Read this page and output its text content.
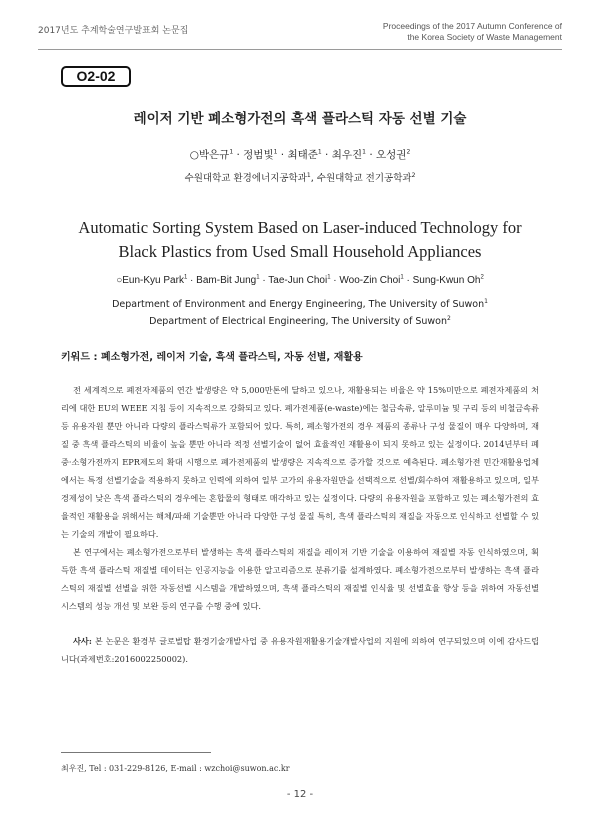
2017년도 추계학술연구발표회 논문집	Proceedings of the 2017 Autumn Conference of
the Korea Society of Waste Management
O2-02
레이저 기반 폐소형가전의 흑색 플라스틱 자동 선별 기술
○박은규$^1$ · 정범빛$^1$ · 최태준$^1$ · 최우진$^1$ · 오성권$^2$
수원대학교 환경에너지공학과$^1$, 수원대학교 전기공학과$^2$
Automatic Sorting System Based on Laser-induced Technology for
Black Plastics from Used Small Household Appliances
○Eun-Kyu Park$^1$ · Bam-Bit Jung$^1$ · Tae-Jun Choi$^1$ · Woo-Zin Choi$^1$ · Sung-Kwun Oh$^2$
Department of Environment and Energy Engineering, The University of Suwon$^1$
Department of Electrical Engineering, The University of Suwon$^2$
키워드 : 폐소형가전, 레이저 기술, 흑색 플라스틱, 자동 선별, 재활용

전 세계적으로 폐전자제품의 연간 발생량은 약 5,000만톤에 달하고 있으나, 재활용되는 비율은 약 15%미만으로 폐전자제품의 처리에 대한 EU의 WEEE 지침 등이 지속적으로 강화되고 있다. 폐가전제품(e-waste)에는 철금속류, 알루미늄 및 구리 등의 비철금속류 등 유용자원 뿐만 아니라 다량의 플라스틱류가 포함되어 있다. 특히, 폐소형가전의 경우 제품의 종류나 구성 물질이 매우 다양하며, 재질 중 흑색 플라스틱의 비율이 높을 뿐만 아니라 적정 선별기술이 없어 효율적인 재활용이 되지 못하고 있는 실정이다. 2014년부터 폐중·소형가전까지 EPR제도의 확대 시행으로 폐가전제품의 발생량은 지속적으로 증가할 것으로 예측된다. 폐소형가전 민간재활용업체에서는 특정 선별기술을 적용하지 못하고 인력에 의하여 일부 고가의 유용자원만을 선택적으로 선별/회수하여 재활용하고 있으며, 일부 경제성이 낮은 흑색 플라스틱의 경우에는 혼합물의 형태로 매각하고 있는 실정이다. 다량의 유용자원을 포함하고 있는 폐소형가전의 효율적인 재활용을 위해서는 해체/파쇄 기술뿐만 아니라 다양한 구성 물질 특히, 흑색 플라스틱의 재질을 자동으로 인식하고 선별할 수 있는 기술의 개발이 필요하다.

본 연구에서는 폐소형가전으로부터 발생하는 흑색 플라스틱의 재질을 레이저 기반 기술을 이용하여 재질별 자동 인식하였으며, 획득한 흑색 플라스틱 재질별 데이터는 인공지능을 이용한 알고리즘으로 분류기를 설계하였다. 폐소형가전으로부터 발생하는 흑색 플라스틱의 재질별 선별을 위한 자동선별 시스템을 개발하였으며, 흑색 플라스틱의 재질별 인식율 및 선별효율 향상 등을 위하여 자동선별 시스템의 성능 개선 및 보완 등의 연구를 수행 중에 있다.

사사: 본 논문은 환경부 글로벌탑 환경기술개발사업 중 유용자원재활용기술개발사업의 지원에 의하여 연구되었으며 이에 감사드립니다(과제번호:2016002250002).
최우진, Tel : 031-229-8126, E-mail : wzchoi@suwon.ac.kr
- 12 -
